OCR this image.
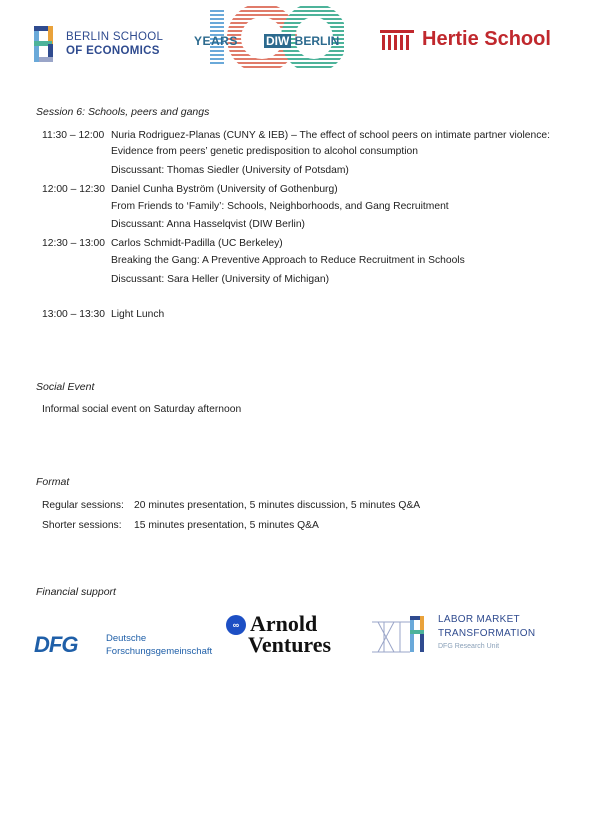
BERLIN SCHOOL
OF ECONOMICS
YEARS DIW BERLIN	Hertie School
Session 6: Schools, peers and gangs
11:30 – 12:00 Nuria Rodriguez-Planas (CUNY & IEB) – The effect of school peers on intimate partner violence:
Evidence from peers’ genetic predisposition to alcohol consumption
Discussant: Thomas Siedler (University of Potsdam)
12:00 – 12:30 Daniel Cunha Byström (University of Gothenburg)
From Friends to ‘Family’: Schools, Neighborhoods, and Gang Recruitment
Discussant: Anna Hasselqvist (DIW Berlin)
12:30 – 13:00 Carlos Schmidt-Padilla (UC Berkeley)
Breaking the Gang: A Preventive Approach to Reduce Recruitment in Schools
Discussant: Sara Heller (University of Michigan)
13:00 – 13:30 Light Lunch
Social Event
Informal social event on Saturday afternoon
Format
Regular sessions: 20 minutes presentation, 5 minutes discussion, 5 minutes Q&A
Shorter sessions: 15 minutes presentation, 5 minutes Q&A
Financial support
DFG	Deutsche
Forschungsgemeinschaft
∞ Arnold
Ventures
LABOR MARKET
TRANSFORMATION
DFG Research Unit
